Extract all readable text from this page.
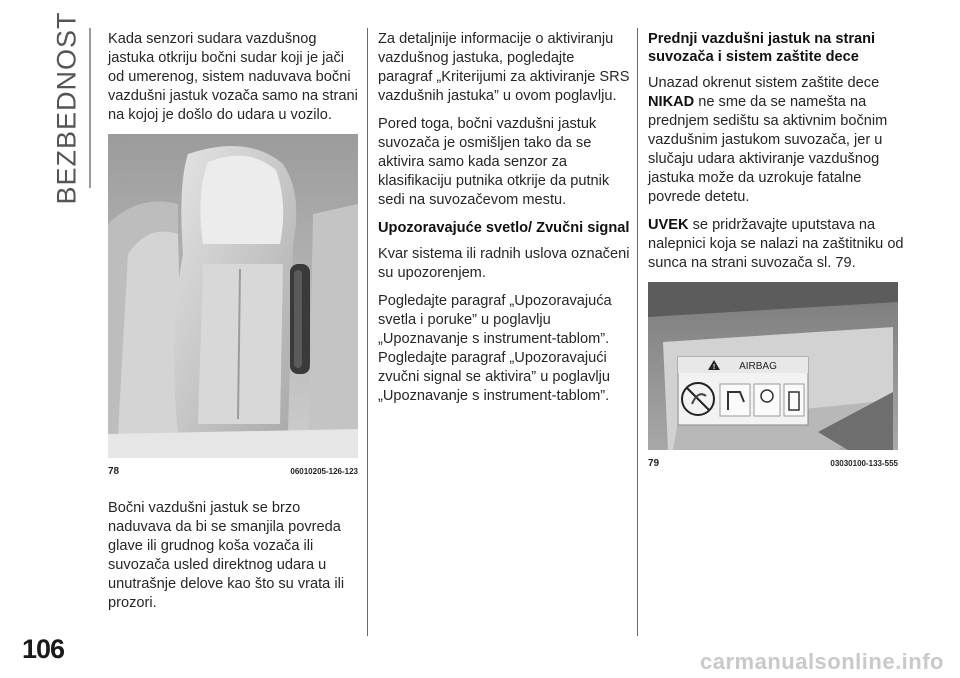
BEZBEDNOST
106

Kada senzori sudara vazdušnog jastuka otkriju bočni sudar koji je jači od umerenog, sistem naduvava bočni vazdušni jastuk vozača samo na strani na kojoj je došlo do udara u vozilo.

78	06010205-126-123

Bočni vazdušni jastuk se brzo naduvava da bi se smanjila povreda glave ili grudnog koša vozača ili suvozača usled direktnog udara u unutrašnje delove kao što su vrata ili prozori.

Za detaljnije informacije o aktiviranju vazdušnog jastuka, pogledajte paragraf „Kriterijumi za aktiviranje SRS vazdušnih jastuka” u ovom poglavlju.

Pored toga, bočni vazdušni jastuk suvozača je osmišljen tako da se aktivira samo kada senzor za klasifikaciju putnika otkrije da putnik sedi na suvozačevom mestu.

Upozoravajuće svetlo/ Zvučni signal

Kvar sistema ili radnih uslova označeni su upozorenjem.

Pogledajte paragraf „Upozoravajuća svetla i poruke” u poglavlju „Upoznavanje s instrument-tablom”.

Pogledajte paragraf „Upozoravajući zvučni signal se aktivira” u poglavlju „Upoznavanje s instrument-tablom”.

Prednji vazdušni jastuk na strani suvozača i sistem zaštite dece

Unazad okrenut sistem zaštite dece

NIKAD ne sme da se namešta na prednjem sedištu sa aktivnim bočnim vazdušnim jastukom suvozača, jer u slučaju udara aktiviranje vazdušnog jastuka može da uzrokuje fatalne povrede detetu.

UVEK se pridržavajte uputstava na nalepnici koja se nalazi na zaštitniku od sunca na strani suvozača sl. 79.

! AIRBAG
79	03030100-133-555
carmanualsonline.info
